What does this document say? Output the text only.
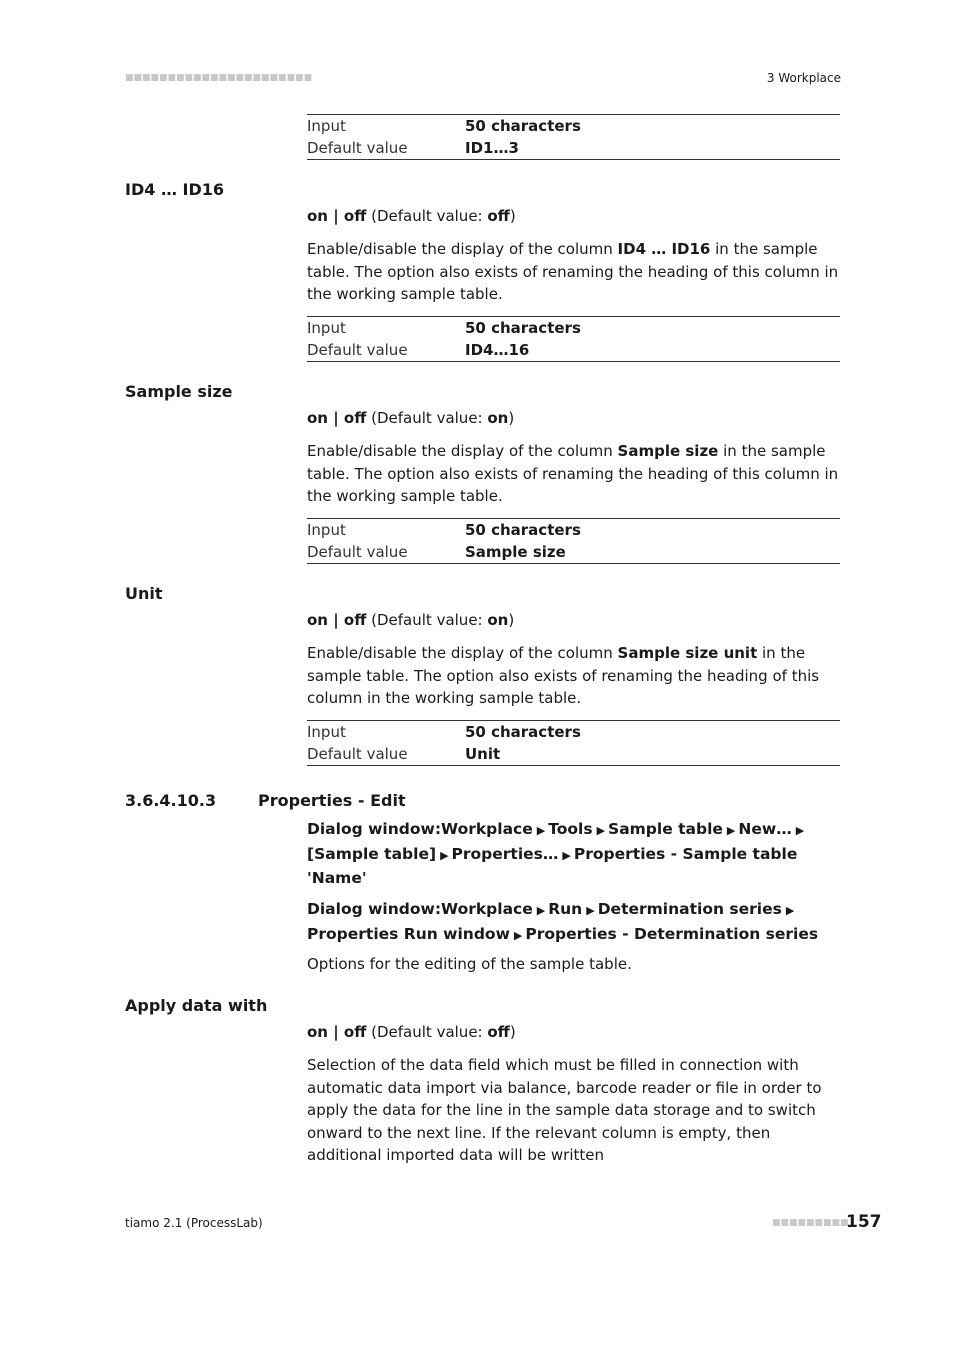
■■■■■■■■■■■■■■■■■■■■■■	3 Workplace
Input	50 characters
Default value	ID1…3
ID4 … ID16
on | off (Default value: off)
Enable/disable the display of the column ID4 … ID16 in the sample table. The option also exists of renaming the heading of this column in the working sample table.
Input	50 characters
Default value	ID4…16
Sample size
on | off (Default value: on)
Enable/disable the display of the column Sample size in the sample table. The option also exists of renaming the heading of this column in the working sample table.
Input	50 characters
Default value	Sample size
Unit
on | off (Default value: on)
Enable/disable the display of the column Sample size unit in the sample table. The option also exists of renaming the heading of this column in the working sample table.
Input	50 characters
Default value	Unit
3.6.4.10.3	Properties - Edit
Dialog window:Workplace ▶ Tools ▶ Sample table ▶ New… ▶[Sample table] ▶ Properties… ▶ Properties - Sample table 'Name'
Dialog window:Workplace ▶ Run ▶ Determination series ▶Properties Run window ▶ Properties - Determination series
Options for the editing of the sample table.
Apply data with
on | off (Default value: off)
Selection of the data field which must be filled in connection with automatic data import via balance, barcode reader or file in order to apply the data for the line in the sample data storage and to switch onward to the next line. If the relevant column is empty, then additional imported data will be written
tiamo 2.1 (ProcessLab)	■■■■■■■■■
157
